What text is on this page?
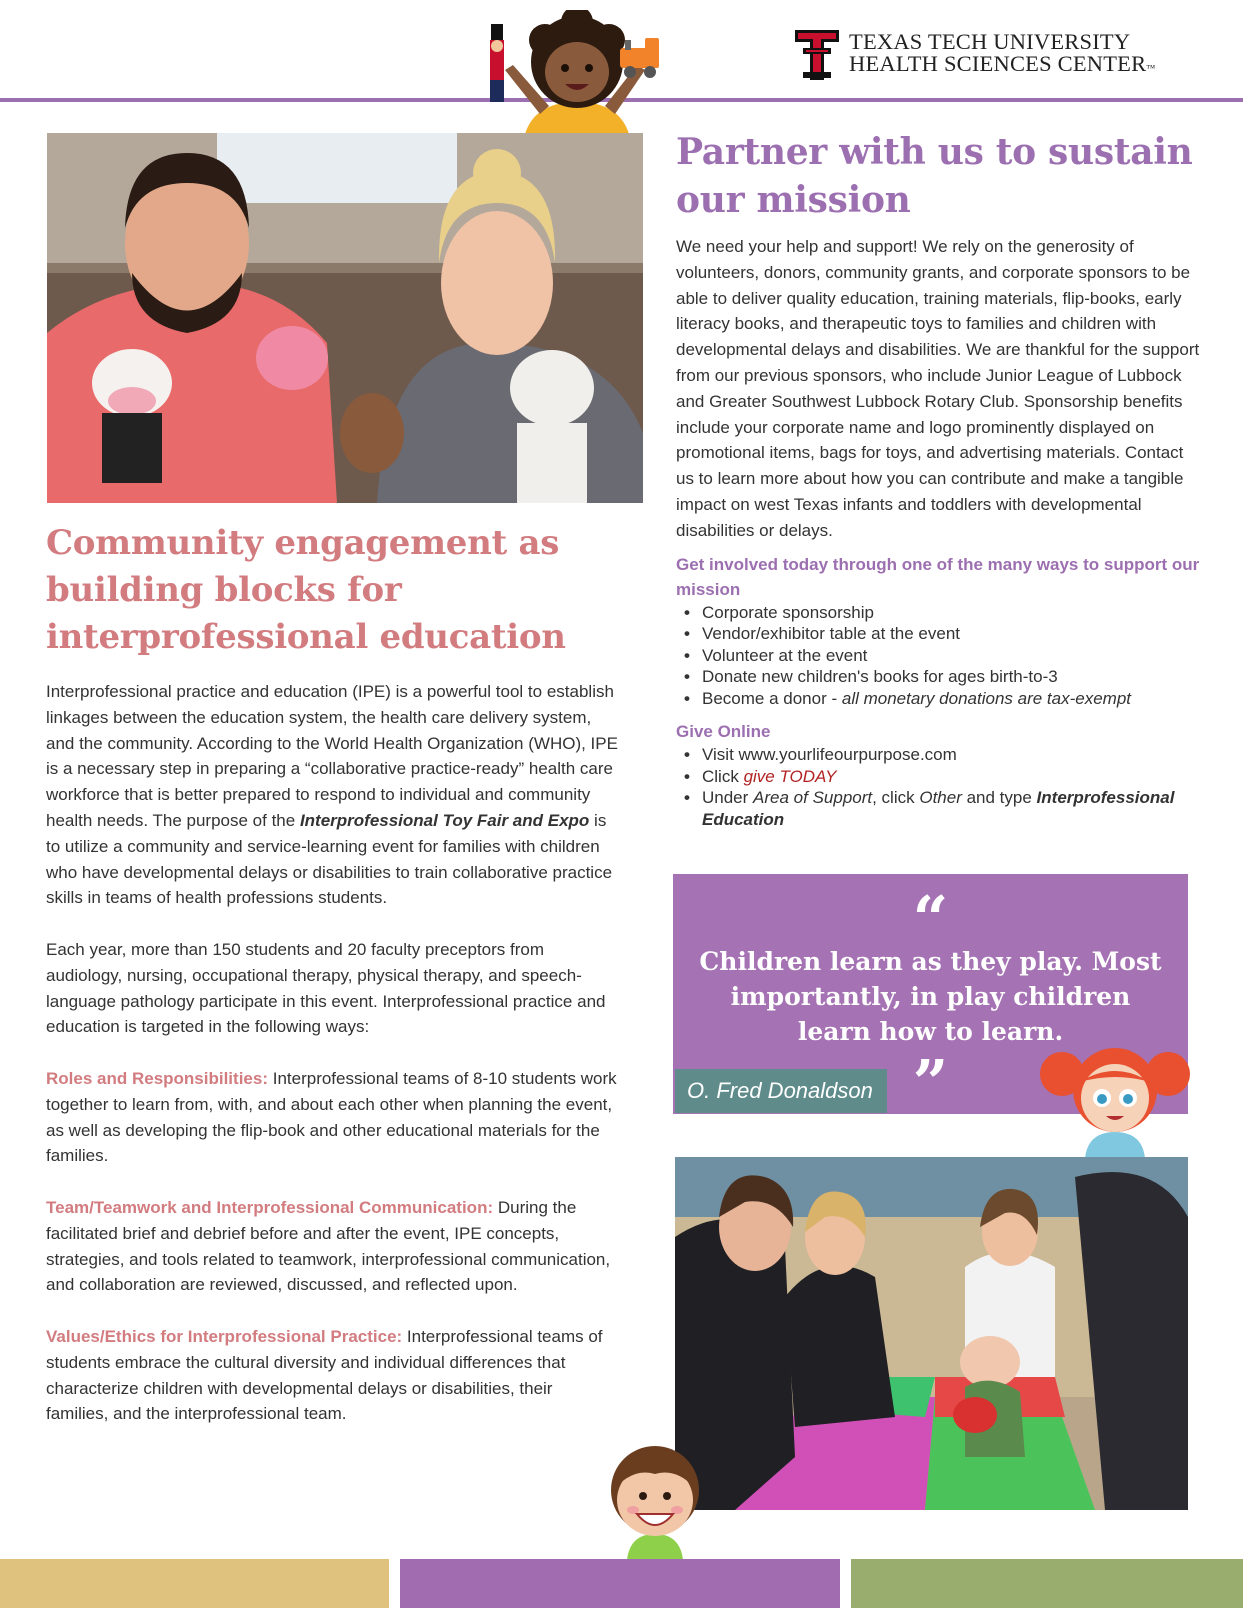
TEXAS TECH UNIVERSITY
HEALTH SCIENCES CENTER™
Community engagement as building blocks for interprofessional education
Interprofessional practice and education (IPE) is a powerful tool to establish linkages between the education system, the health care delivery system, and the community. According to the World Health Organization (WHO), IPE is a necessary step in preparing a “collaborative practice-ready” health care workforce that is better prepared to respond to individual and community health needs. The purpose of the Interprofessional Toy Fair and Expo is to utilize a community and service-learning event for families with children who have developmental delays or disabilities to train collaborative practice skills in teams of health professions students.
Each year, more than 150 students and 20 faculty preceptors from audiology, nursing, occupational therapy, physical therapy, and speech-language pathology participate in this event. Interprofessional practice and education is targeted in the following ways:
Roles and Responsibilities: Interprofessional teams of 8-10 students work together to learn from, with, and about each other when planning the event, as well as developing the flip-book and other educational materials for the families.
Team/Teamwork and Interprofessional Communication: During the facilitated brief and debrief before and after the event, IPE concepts, strategies, and tools related to teamwork, interprofessional communication, and collaboration are reviewed, discussed, and reflected upon.
Values/Ethics for Interprofessional Practice: Interprofessional teams of students embrace the cultural diversity and individual differences that characterize children with developmental delays or disabilities, their families, and the interprofessional team.
Partner with us to sustain our mission
We need your help and support! We rely on the generosity of volunteers, donors, community grants, and corporate sponsors to be able to deliver quality education, training materials, flip-books, early literacy books, and therapeutic toys to families and children with developmental delays and disabilities. We are thankful for the support from our previous sponsors, who include Junior League of Lubbock and Greater Southwest Lubbock Rotary Club. Sponsorship benefits include your corporate name and logo prominently displayed on promotional items, bags for toys, and advertising materials. Contact us to learn more about how you can contribute and make a tangible impact on west Texas infants and toddlers with developmental disabilities or delays.
Get involved today through one of the many ways to support our mission
• Corporate sponsorship
• Vendor/exhibitor table at the event
• Volunteer at the event
• Donate new children's books for ages birth-to-3
• Become a donor - all monetary donations are tax-exempt
Give Online
• Visit www.yourlifeourpurpose.com
• Click give TODAY
• Under Area of Support, click Other and type Interprofessional Education
“
Children learn as they play. Most importantly, in play children learn how to learn.
”
O. Fred Donaldson
